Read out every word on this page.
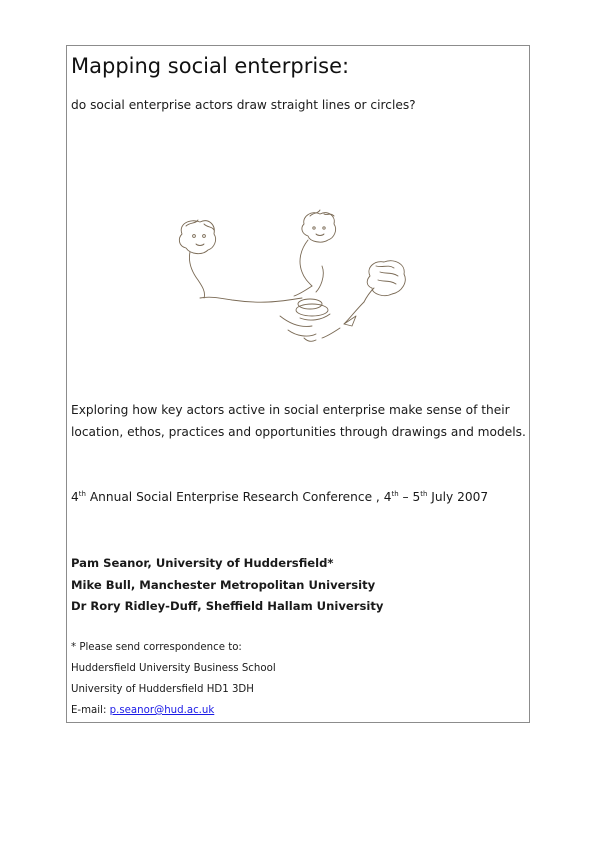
Mapping social enterprise:
do social enterprise actors draw straight lines or circles?
Exploring how key actors active in social enterprise make sense of their
location, ethos, practices and opportunities through drawings and models.
4th Annual Social Enterprise Research Conference , 4th – 5th July 2007
Pam Seanor, University of Huddersfield*
Mike Bull, Manchester Metropolitan University
Dr Rory Ridley-Duff, Sheffield Hallam University
* Please send correspondence to:
Huddersfield University Business School
University of Huddersfield HD1 3DH
E-mail: p.seanor@hud.ac.uk
